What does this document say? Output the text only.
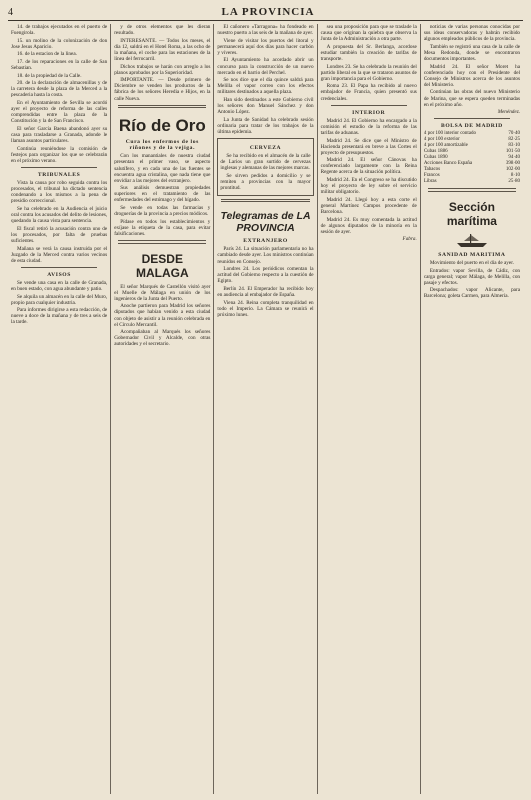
4	LA PROVINCIA

14. de trabajos ejecutados en el puerto de Fuengirola.

15. un molino de la colonización de don Jose Jesus Aparicio.

16. de la estacion de la linea.

17. de los reparaciones en la calle de San Sebastian.

18. de la propiedad de la Calle.

20. de la declaración de almacenillas y de la carretera desde la plaza de la Merced a la pescaderia hasta la costa.

En el Ayuntamiento de Sevilla se acordó ayer el proyecto de reforma de las calles comprendidas entre la plaza de la Constitución y la de San Francisco.

El señor García Baena abandonó ayer su casa para trasladarse a Granada, adonde le llaman asuntos particulares.

Continúa reuniéndose la comisión de festejos para organizar los que se celebrarán en el próximo verano.

TRIBUNALES

Vista la causa por robo seguida contra los procesados, el tribunal ha dictado sentencia condenando a los mismos a la pena de presidio correccional.

Se ha celebrado en la Audiencia el juicio oral contra los acusados del delito de lesiones, quedando la causa vista para sentencia.

El fiscal retiró la acusación contra uno de los procesados, por falta de pruebas suficientes.

Mañana se verá la causa instruida por el Juzgado de la Merced contra varios vecinos de esta ciudad.

AVISOS

Se vende una casa en la calle de Granada, en buen estado, con agua abundante y patio.

Se alquila un almacén en la calle del Muro, propio para cualquier industria.

Para informes dirigirse a esta redacción, de nueve a doce de la mañana y de tres a seis de la tarde.

y de otros elementos que les dieran resultado.

INTERESANTE. — Todos los meses, el día 12, saldrá en el Hotel Roma, a las ocho de la mañana, el coche para las estaciones de la línea del ferrocarril.

Dichos trabajos se harán con arreglo a los planos aprobados por la Superioridad.

IMPORTANTE. — Desde primero de Diciembre se venden los productos de la fábrica de los señores Heredia e Hijos, en la calle Nueva.

Río de Oro

Cura los enfermos de los riñones y de la vejiga.

Con los manantiales de nuestra ciudad presentan el primer vaso, se aspecto salutífero, y en cada una de las fuentes se encuentra agua cristalina, que nada tiene que envidiar a las mejores del extranjero.

Sus análisis demuestran propiedades superiores en el tratamiento de las enfermedades del estómago y del hígado.

Se vende en todas las farmacias y droguerías de la provincia a precios módicos.

Pídase en todos los establecimientos y exíjase la etiqueta de la casa, para evitar falsificaciones.

DESDE MALAGA

El señor Marqués de Castellón visitó ayer el Muelle de Málaga en unión de los ingenieros de la Junta del Puerto.

Anoche partieron para Madrid los señores diputados que habían venido a esta ciudad con objeto de asistir a la reunión celebrada en el Círculo Mercantil.

Acompañaban al Marqués los señores Gobernador Civil y Alcalde, con otras autoridades y el secretario.

El cañonero «Tarragona» ha fondeado en nuestro puerto a las seis de la mañana de ayer.

Viene de visitar los puertos del litoral y permanecerá aquí dos días para hacer carbón y víveres.

El Ayuntamiento ha acordado abrir un concurso para la construcción de un nuevo mercado en el barrio del Perchel.

Se nos dice que el día quince saldrá para Melilla el vapor correo con los efectos militares destinados a aquella plaza.

Han sido destinados a este Gobierno civil los señores don Manuel Sánchez y don Antonio López.

La Junta de Sanidad ha celebrado sesión ordinaria para tratar de los trabajos de la última epidemia.

CERVEZA

Se ha recibido en el almacén de la calle de Larios un gran surtido de cervezas inglesas y alemanas de las mejores marcas.

Se sirven pedidos a domicilio y se remiten a provincias con la mayor prontitud.

Telegramas de LA PROVINCIA

EXTRANJERO

París 24. La situación parlamentaria no ha cambiado desde ayer. Los ministros continúan reunidos en Consejo.

Londres 24. Los periódicos comentan la actitud del Gobierno respecto a la cuestión de Egipto.

Berlín 24. El Emperador ha recibido hoy en audiencia al embajador de España.

Viena 24. Reina completa tranquilidad en todo el Imperio. La Cámara se reunirá el próximo lunes.

sea una proposición para que se traslade la causa que originan la quiebra que observa la Junta de la Administración a otra parte.

A propuesta del Sr. Berlanga, acordose estudiar también la creación de tarifas de transporte.

Londres 23. Se ha celebrado la reunión del partido liberal en la que se trataron asuntos de gran importancia para el Gobierno.

Roma 23. El Papa ha recibido al nuevo embajador de Francia, quien presentó sus credenciales.

INTERIOR

Madrid 24. El Gobierno ha encargado a la comisión el estudio de la reforma de las tarifas de aduanas.

Madrid 24. Se dice que el Ministro de Hacienda presentará en breve a las Cortes el proyecto de presupuestos.

Madrid 24. El señor Cánovas ha conferenciado largamente con la Reina Regente acerca de la situación política.

Madrid 24. En el Congreso se ha discutido hoy el proyecto de ley sobre el servicio militar obligatorio.

Madrid 24. Llegó hoy a esta corte el general Martínez Campos procedente de Barcelona.

Madrid 24. Es muy comentada la actitud de algunos diputados de la minoría en la sesión de ayer.

Fabra.

noticias de varias personas conocidas por sus ideas conservadoras y habrán recibido algunos empleados públicos de la provincia.

También se registró una casa de la calle de Mesa Redonda, donde se encontraron documentos importantes.

Madrid 24. El señor Moret ha conferenciado hoy con el Presidente del Consejo de Ministros acerca de los asuntos del Ministerio.

Continúan las obras del nuevo Ministerio de Marina, que se espera queden terminadas en el próximo año.

Menéndez.

BOLSA DE MADRID

4 por 100 interior contado	70·40
4 por 100 exterior	82·25
4 por 100 amortizable	83·10
Cubas 1886	101·50
Cubas 1890	94·40
Acciones Banco España	398·00
Tabacos	102·00
Francos	8·10
Libras	25·80
Sección marítima

SANIDAD MARITIMA

Movimiento del puerto en el día de ayer.

Entrados: vapor Sevilla, de Cádiz, con carga general; vapor Málaga, de Melilla, con pasaje y efectos.

Despachados: vapor Alicante, para Barcelona; goleta Carmen, para Almería.
